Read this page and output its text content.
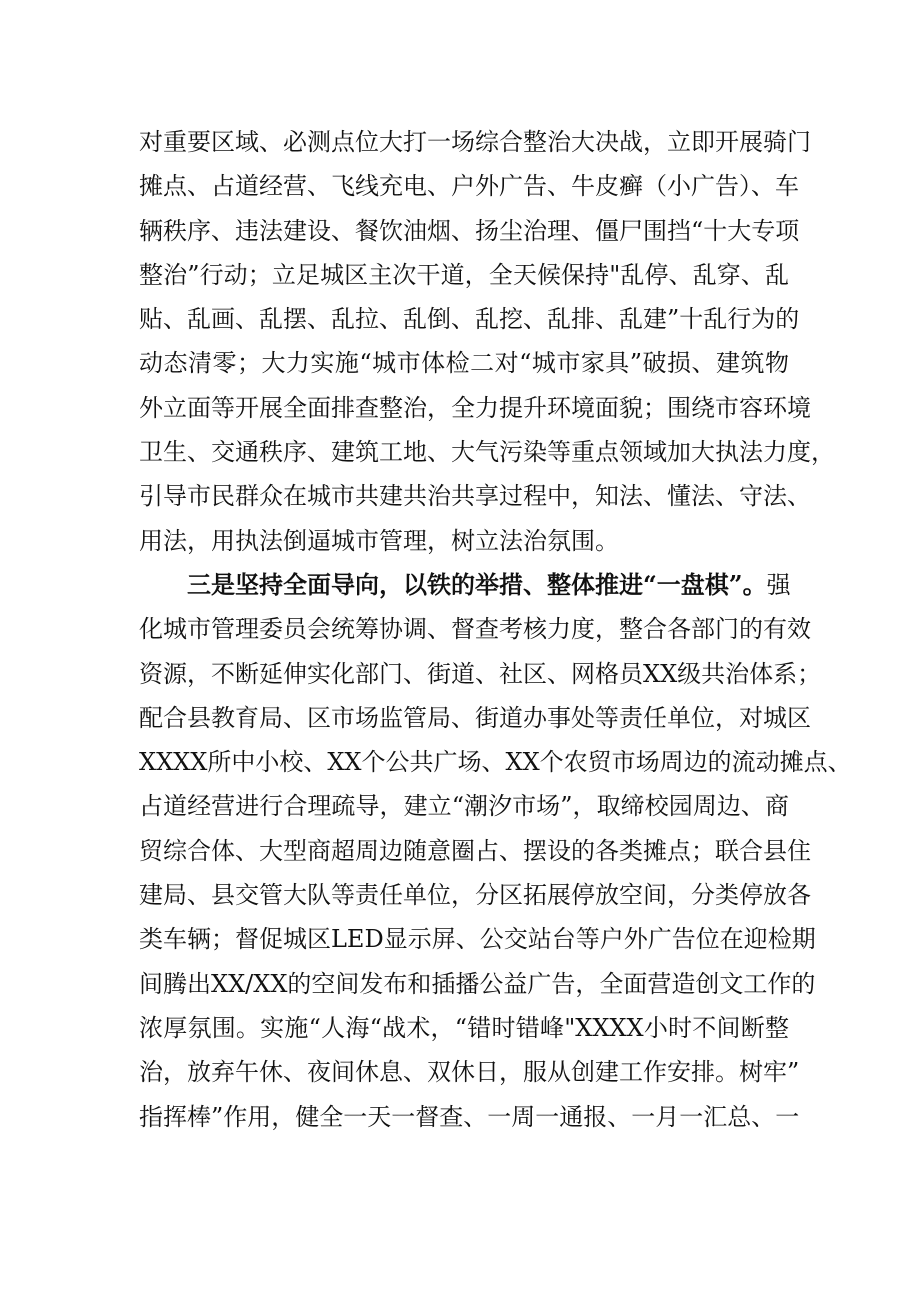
对重要区域、必测点位大打一场综合整治大决战，立即开展骑门
摊点、占道经营、飞线充电、户外广告、牛皮癣（小广告）、车
辆秩序、违法建设、餐饮油烟、扬尘治理、僵尸围挡“十大专项
整治”行动；立足城区主次干道，全天候保持"乱停、乱穿、乱
贴、乱画、乱摆、乱拉、乱倒、乱挖、乱排、乱建”十乱行为的
动态清零；大力实施“城市体检二对“城市家具”破损、建筑物
外立面等开展全面排查整治，全力提升环境面貌；围绕市容环境
卫生、交通秩序、建筑工地、大气污染等重点领域加大执法力度，
引导市民群众在城市共建共治共享过程中，知法、懂法、守法、
用法，用执法倒逼城市管理，树立法治氛围。
三是坚持全面导向，以铁的举措、整体推进“一盘棋”。强
化城市管理委员会统筹协调、督查考核力度，整合各部门的有效
资源，不断延伸实化部门、街道、社区、网格员XX级共治体系；
配合县教育局、区市场监管局、街道办事处等责任单位，对城区
XXXX所中小校、XX个公共广场、XX个农贸市场周边的流动摊点、
占道经营进行合理疏导，建立“潮汐市场”，取缔校园周边、商
贸综合体、大型商超周边随意圈占、摆设的各类摊点；联合县住
建局、县交管大队等责任单位，分区拓展停放空间，分类停放各
类车辆；督促城区LED显示屏、公交站台等户外广告位在迎检期
间腾出XX/XX的空间发布和插播公益广告，全面营造创文工作的
浓厚氛围。实施“人海“战术，“错时错峰"XXXX小时不间断整
治，放弃午休、夜间休息、双休日，服从创建工作安排。树牢”
指挥棒”作用，健全一天一督查、一周一通报、一月一汇总、一
